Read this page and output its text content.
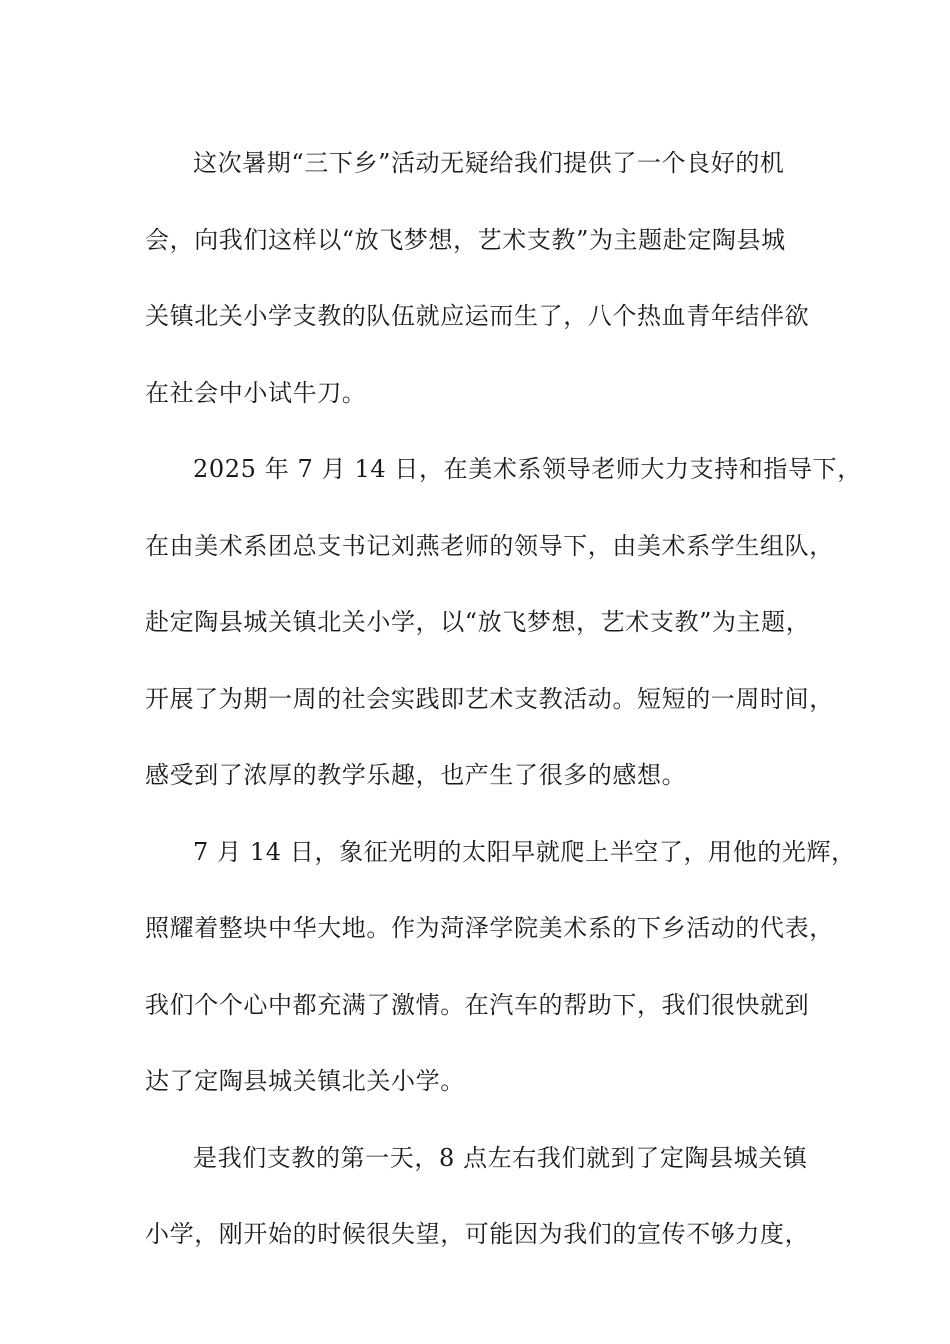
这次暑期“三下乡”活动无疑给我们提供了一个良好的机
会，向我们这样以“放飞梦想，艺术支教”为主题赴定陶县城
关镇北关小学支教的队伍就应运而生了，八个热血青年结伴欲
在社会中小试牛刀。
2025 年 7 月 14 日，在美术系领导老师大力支持和指导下，
在由美术系团总支书记刘燕老师的领导下，由美术系学生组队，
赴定陶县城关镇北关小学，以“放飞梦想，艺术支教”为主题，
开展了为期一周的社会实践即艺术支教活动。短短的一周时间，
感受到了浓厚的教学乐趣，也产生了很多的感想。
7 月 14 日，象征光明的太阳早就爬上半空了，用他的光辉，
照耀着整块中华大地。作为菏泽学院美术系的下乡活动的代表，
我们个个心中都充满了激情。在汽车的帮助下，我们很快就到
达了定陶县城关镇北关小学。
是我们支教的第一天，8 点左右我们就到了定陶县城关镇
小学，刚开始的时候很失望，可能因为我们的宣传不够力度，
